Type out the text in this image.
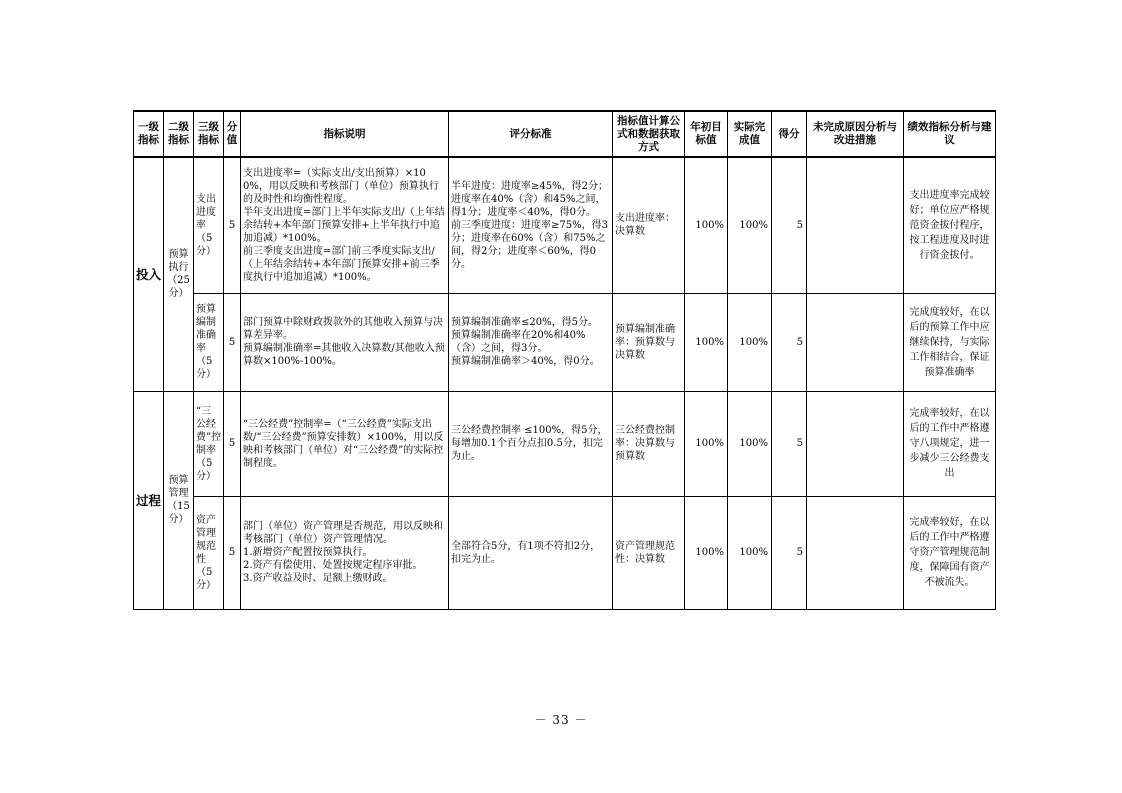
一级指标	二级指标	三级指标	分值	指标说明	评分标准	指标值计算公式和数据获取方式	年初目标值	实际完成值	得分	未完成原因分析与改进措施	绩效指标分析与建议
投入	预算执行（25分）	支出进度率（5分）	5	支出进度率=（实际支出/支出预算）×100%，用以反映和考核部门（单位）预算执行的及时性和均衡性程度。
半年支出进度=部门上半年实际支出/（上年结余结转+本年部门预算安排+上半年执行中追加追减）*100%。
前三季度支出进度=部门前三季度实际支出/（上年结余结转+本年部门预算安排+前三季度执行中追加追减）*100%。	半年进度：进度率≥45%，得2分；进度率在40%（含）和45%之间，得1分；进度率＜40%，得0分。
前三季度进度：进度率≥75%，得3分；进度率在60%（含）和75%之间，得2分；进度率＜60%，得0分。	支出进度率：决算数	100%	100%	5		支出进度率完成较好；单位应严格规范资金拔付程序，按工程进度及时进行资金拔付。
		预算编制准确率（5分）	5	部门预算中除财政拨款外的其他收入预算与决算差异率。
预算编制准确率=其他收入决算数/其他收入预算数×100%-100%。	预算编制准确率≤20%，得5分。
预算编制准确率在20%和40%（含）之间，得3分。
预算编制准确率＞40%，得0分。	预算编制准确率：预算数与决算数	100%	100%	5		完成度较好，在以后的预算工作中应继续保持，与实际工作相结合，保证预算准确率
过程	预算管理（15分）	“三公经费”控制率（5分）	5	“三公经费”控制率=（“三公经费”实际支出数/“三公经费”预算安排数）×100%，用以反映和考核部门（单位）对“三公经费”的实际控制程度。	三公经费控制率 ≤100%，得5分，每增加0.1个百分点扣0.5分，扣完为止。	三公经费控制率：决算数与预算数	100%	100%	5		完成率较好，在以后的工作中严格遵守八项规定，进一步减少三公经费支出
		资产管理规范性（5分）	5	部门（单位）资产管理是否规范，用以反映和考核部门（单位）资产管理情况。
1.新增资产配置按预算执行。
2.资产有偿使用、处置按规定程序审批。
3.资产收益及时、足额上缴财政。	全部符合5分，有1项不符扣2分，扣完为止。	资产管理规范性：决算数	100%	100%	5		完成率较好，在以后的工作中严格遵守资产管理规范制度，保障国有资产不被流失。
－ 33 －
